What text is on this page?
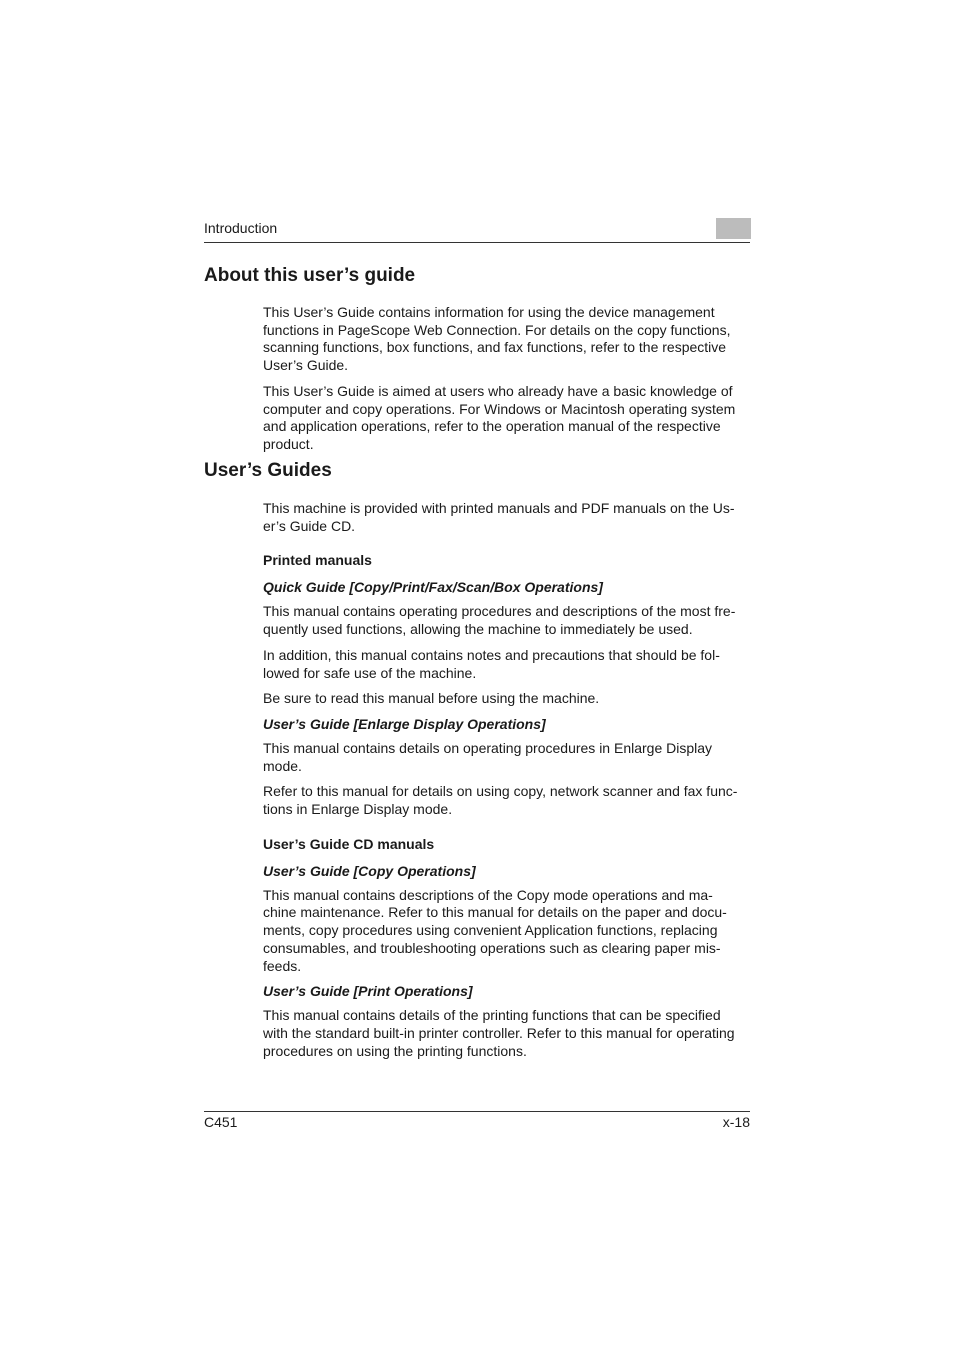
Introduction
About this user’s guide

This User’s Guide contains information for using the device management
functions in PageScope Web Connection. For details on the copy functions,
scanning functions, box functions, and fax functions, refer to the respective
User’s Guide.

This User’s Guide is aimed at users who already have a basic knowledge of
computer and copy operations. For Windows or Macintosh operating system
and application operations, refer to the operation manual of the respective
product.

User’s Guides

This machine is provided with printed manuals and PDF manuals on the Us-
er’s Guide CD.

Printed manuals

Quick Guide [Copy/Print/Fax/Scan/Box Operations]

This manual contains operating procedures and descriptions of the most fre-
quently used functions, allowing the machine to immediately be used.

In addition, this manual contains notes and precautions that should be fol-
lowed for safe use of the machine.

Be sure to read this manual before using the machine.

User’s Guide [Enlarge Display Operations]

This manual contains details on operating procedures in Enlarge Display
mode.

Refer to this manual for details on using copy, network scanner and fax func-
tions in Enlarge Display mode.

User’s Guide CD manuals

User’s Guide [Copy Operations]

This manual contains descriptions of the Copy mode operations and ma-
chine maintenance. Refer to this manual for details on the paper and docu-
ments, copy procedures using convenient Application functions, replacing
consumables, and troubleshooting operations such as clearing paper mis-
feeds.

User’s Guide [Print Operations]

This manual contains details of the printing functions that can be specified
with the standard built-in printer controller. Refer to this manual for operating
procedures on using the printing functions.

C451	x-18
